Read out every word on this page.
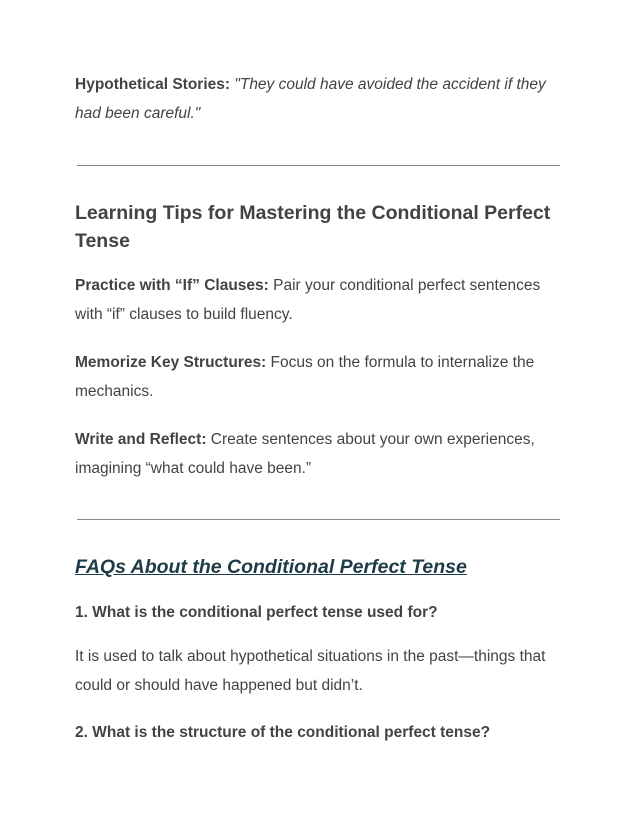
Hypothetical Stories: "They could have avoided the accident if they had been careful."

Learning Tips for Mastering the Conditional Perfect Tense

Practice with “If” Clauses: Pair your conditional perfect sentences with “if” clauses to build fluency.

Memorize Key Structures: Focus on the formula to internalize the mechanics.

Write and Reflect: Create sentences about your own experiences, imagining “what could have been.”

FAQs About the Conditional Perfect Tense

1. What is the conditional perfect tense used for?

It is used to talk about hypothetical situations in the past—things that could or should have happened but didn’t.

2. What is the structure of the conditional perfect tense?
